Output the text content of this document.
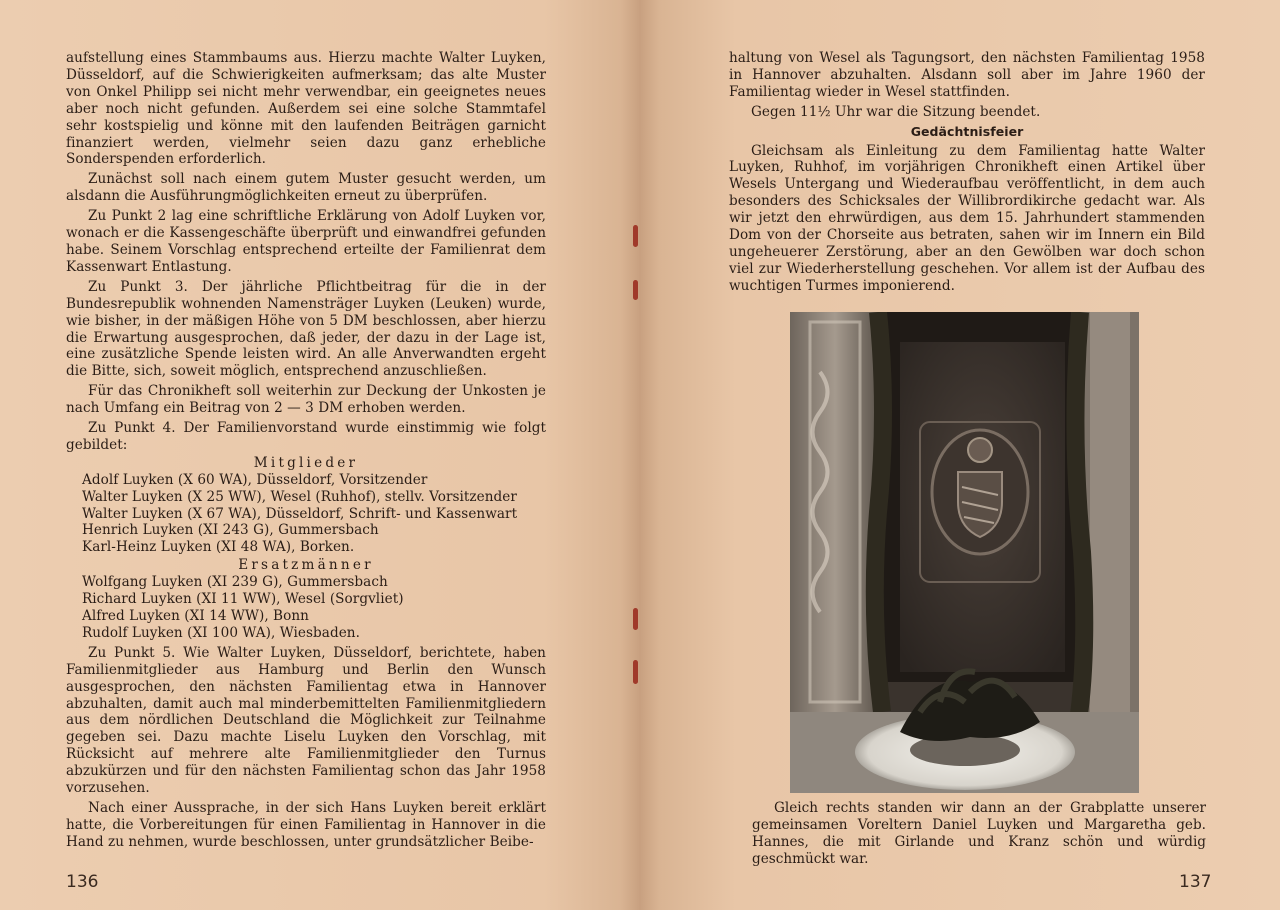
aufstellung eines Stammbaums aus. Hierzu machte Walter Luyken, Düsseldorf, auf die Schwierigkeiten aufmerksam; das alte Muster von Onkel Philipp sei nicht mehr verwendbar, ein geeignetes neues aber noch nicht gefunden. Außerdem sei eine solche Stammtafel sehr kostspielig und könne mit den laufenden Beiträgen garnicht finanziert werden, vielmehr seien dazu ganz erhebliche Sonderspenden erforderlich.

Zunächst soll nach einem gutem Muster gesucht werden, um alsdann die Ausführungmöglichkeiten erneut zu überprüfen.

Zu Punkt 2 lag eine schriftliche Erklärung von Adolf Luyken vor, wonach er die Kassengeschäfte überprüft und einwandfrei gefunden habe. Seinem Vorschlag entsprechend erteilte der Familienrat dem Kassenwart Entlastung.

Zu Punkt 3. Der jährliche Pflichtbeitrag für die in der Bundesrepublik wohnenden Namensträger Luyken (Leuken) wurde, wie bisher, in der mäßigen Höhe von 5 DM beschlossen, aber hierzu die Erwartung ausgesprochen, daß jeder, der dazu in der Lage ist, eine zusätzliche Spende leisten wird. An alle Anverwandten ergeht die Bitte, sich, soweit möglich, entsprechend anzuschließen.

Für das Chronikheft soll weiterhin zur Deckung der Unkosten je nach Umfang ein Beitrag von 2 — 3 DM erhoben werden.

Zu Punkt 4. Der Familienvorstand wurde einstimmig wie folgt gebildet:

Mitglieder
Adolf Luyken (X 60 WA), Düsseldorf, Vorsitzender
Walter Luyken (X 25 WW), Wesel (Ruhhof), stellv. Vorsitzender
Walter Luyken (X 67 WA), Düsseldorf, Schrift- und Kassenwart
Henrich Luyken (XI 243 G), Gummersbach
Karl-Heinz Luyken (XI 48 WA), Borken.
Ersatzmänner
Wolfgang Luyken (XI 239 G), Gummersbach
Richard Luyken (XI 11 WW), Wesel (Sorgvliet)
Alfred Luyken (XI 14 WW), Bonn
Rudolf Luyken (XI 100 WA), Wiesbaden.

Zu Punkt 5. Wie Walter Luyken, Düsseldorf, berichtete, haben Familienmitglieder aus Hamburg und Berlin den Wunsch ausgesprochen, den nächsten Familientag etwa in Hannover abzuhalten, damit auch mal minderbemittelten Familienmitgliedern aus dem nördlichen Deutschland die Möglichkeit zur Teilnahme gegeben sei. Dazu machte Liselu Luyken den Vorschlag, mit Rücksicht auf mehrere alte Familienmitglieder den Turnus abzukürzen und für den nächsten Familientag schon das Jahr 1958 vorzusehen.

Nach einer Aussprache, in der sich Hans Luyken bereit erklärt hatte, die Vorbereitungen für einen Familientag in Hannover in die Hand zu nehmen, wurde beschlossen, unter grundsätzlicher Beibe-

136

haltung von Wesel als Tagungsort, den nächsten Familientag 1958 in Hannover abzuhalten. Alsdann soll aber im Jahre 1960 der Familientag wieder in Wesel stattfinden.

Gegen 11½ Uhr war die Sitzung beendet.

Gedächtnisfeier

Gleichsam als Einleitung zu dem Familientag hatte Walter Luyken, Ruhhof, im vorjährigen Chronikheft einen Artikel über Wesels Untergang und Wiederaufbau veröffentlicht, in dem auch besonders des Schicksales der Willibrordikirche gedacht war. Als wir jetzt den ehrwürdigen, aus dem 15. Jahrhundert stammenden Dom von der Chorseite aus betraten, sahen wir im Innern ein Bild ungeheuerer Zerstörung, aber an den Gewölben war doch schon viel zur Wiederherstellung geschehen. Vor allem ist der Aufbau des wuchtigen Turmes imponierend.

Gleich rechts standen wir dann an der Grabplatte unserer gemeinsamen Voreltern Daniel Luyken und Margaretha geb. Hannes, die mit Girlande und Kranz schön und würdig geschmückt war.
137
